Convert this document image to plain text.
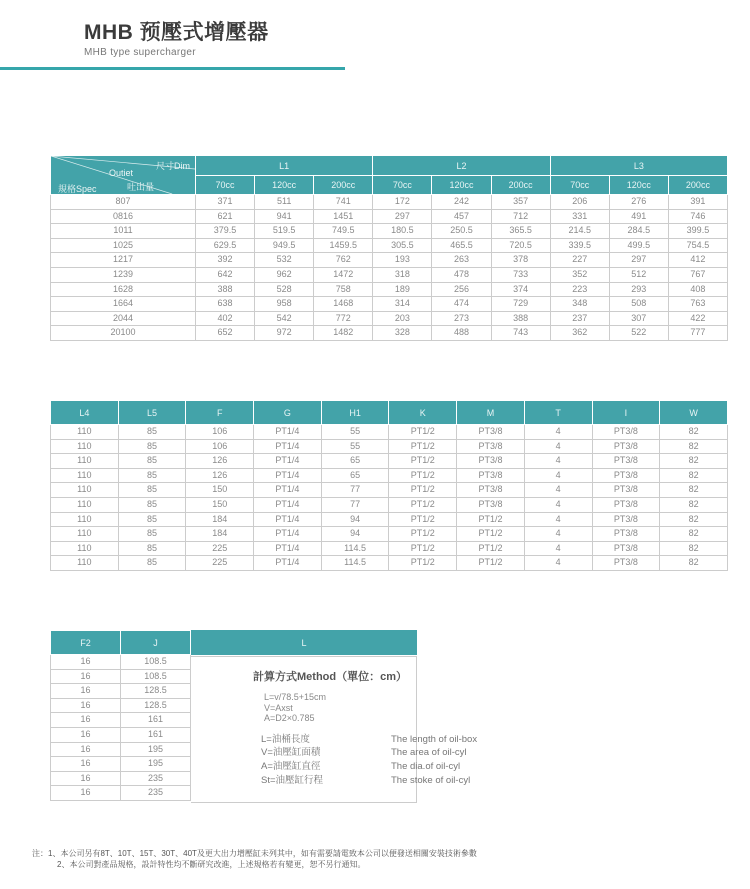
MHB 预壓式增壓器
MHB type supercharger
尺寸Dim
Outiet
吐出量
規格Spec	L1			L2			L3		
	70cc	120cc	200cc	70cc	120cc	200cc	70cc	120cc	200cc
807	371	511	741	172	242	357	206	276	391
0816	621	941	1451	297	457	712	331	491	746
1011	379.5	519.5	749.5	180.5	250.5	365.5	214.5	284.5	399.5
1025	629.5	949.5	1459.5	305.5	465.5	720.5	339.5	499.5	754.5
1217	392	532	762	193	263	378	227	297	412
1239	642	962	1472	318	478	733	352	512	767
1628	388	528	758	189	256	374	223	293	408
1664	638	958	1468	314	474	729	348	508	763
2044	402	542	772	203	273	388	237	307	422
20100	652	972	1482	328	488	743	362	522	777
L4	L5	F	G	H1	K	M	T	I	W
110	85	106	PT1/4	55	PT1/2	PT3/8	4	PT3/8	82
110	85	106	PT1/4	55	PT1/2	PT3/8	4	PT3/8	82
110	85	126	PT1/4	65	PT1/2	PT3/8	4	PT3/8	82
110	85	126	PT1/4	65	PT1/2	PT3/8	4	PT3/8	82
110	85	150	PT1/4	77	PT1/2	PT3/8	4	PT3/8	82
110	85	150	PT1/4	77	PT1/2	PT3/8	4	PT3/8	82
110	85	184	PT1/4	94	PT1/2	PT1/2	4	PT3/8	82
110	85	184	PT1/4	94	PT1/2	PT1/2	4	PT3/8	82
110	85	225	PT1/4	114.5	PT1/2	PT1/2	4	PT3/8	82
110	85	225	PT1/4	114.5	PT1/2	PT1/2	4	PT3/8	82
F2	J
16	108.5
16	108.5
16	128.5
16	128.5
16	161
16	161
16	195
16	195
16	235
16	235
L
計算方式Method（單位：cm）
L=v/78.5+15cm
V=Axst
A=D2×0.785
L=油桶長度	The length of oil-box
V=油壓缸面積	The area of oil-cyl
A=油壓缸直徑	The dia.of oil-cyl
St=油壓缸行程	The stoke of oil-cyl
注：1、本公司另有8T、10T、15T、30T、40T及更大出力增壓缸未列其中，如有需要請電致本公司以便發送相關安裝技術參數
2、本公司對產品規格，設計特性均不斷研究改進，上述規格若有變更，恕不另行通知。
